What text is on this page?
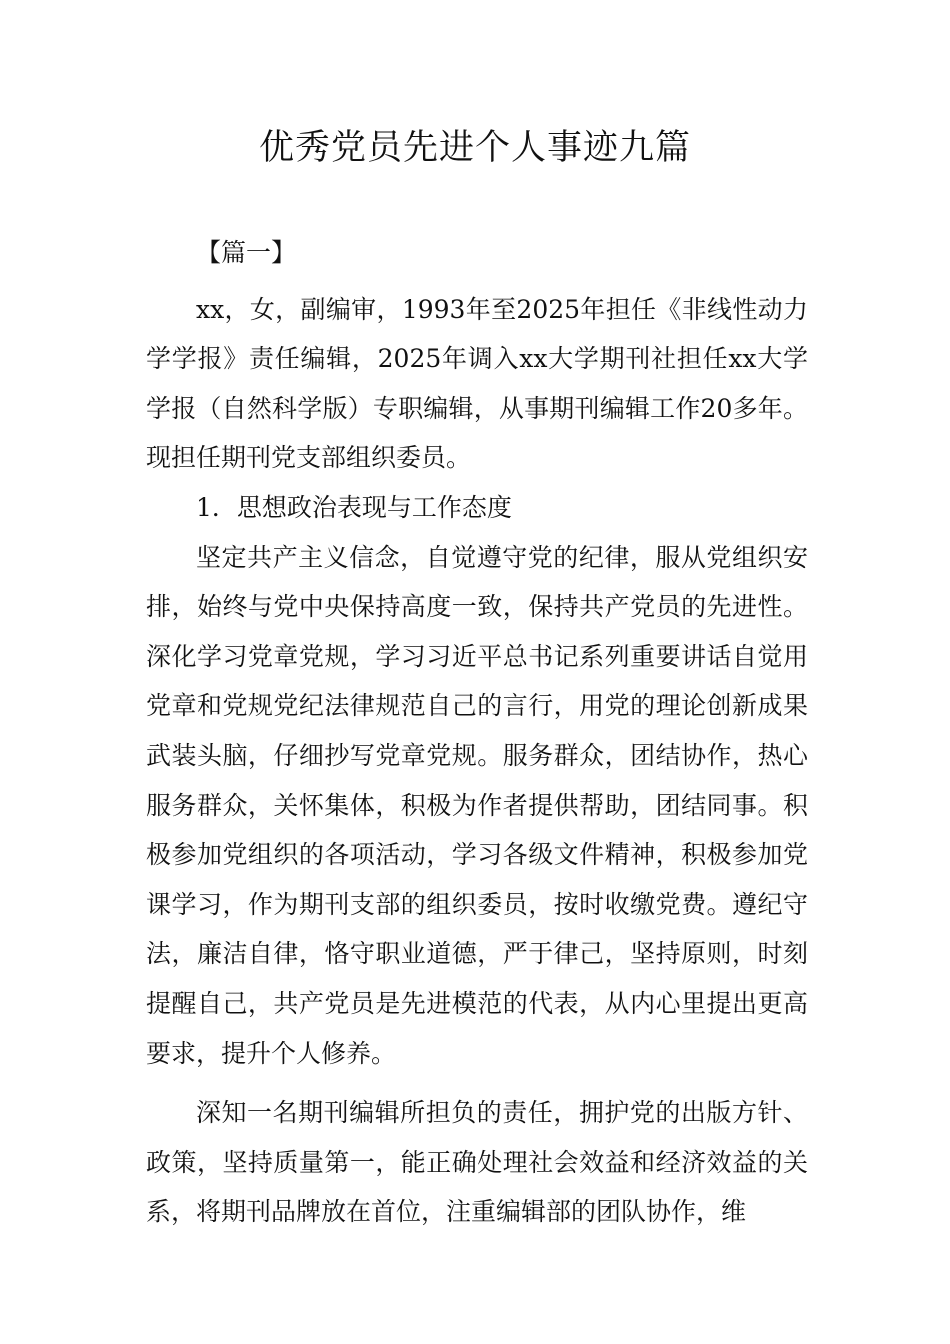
优秀党员先进个人事迹九篇

【篇一】

xx，女，副编审，1993年至2025年担任《非线性动力学学报》责任编辑，2025年调入xx大学期刊社担任xx大学学报（自然科学版）专职编辑，从事期刊编辑工作20多年。现担任期刊党支部组织委员。

1．思想政治表现与工作态度

坚定共产主义信念，自觉遵守党的纪律，服从党组织安排，始终与党中央保持高度一致，保持共产党员的先进性。深化学习党章党规，学习习近平总书记系列重要讲话自觉用党章和党规党纪法律规范自己的言行，用党的理论创新成果武装头脑，仔细抄写党章党规。服务群众，团结协作，热心服务群众，关怀集体，积极为作者提供帮助，团结同事。积极参加党组织的各项活动，学习各级文件精神，积极参加党课学习，作为期刊支部的组织委员，按时收缴党费。遵纪守法，廉洁自律，恪守职业道德，严于律己，坚持原则，时刻提醒自己，共产党员是先进模范的代表，从内心里提出更高要求，提升个人修养。

深知一名期刊编辑所担负的责任，拥护党的出版方针、政策，坚持质量第一，能正确处理社会效益和经济效益的关系，将期刊品牌放在首位，注重编辑部的团队协作，维
